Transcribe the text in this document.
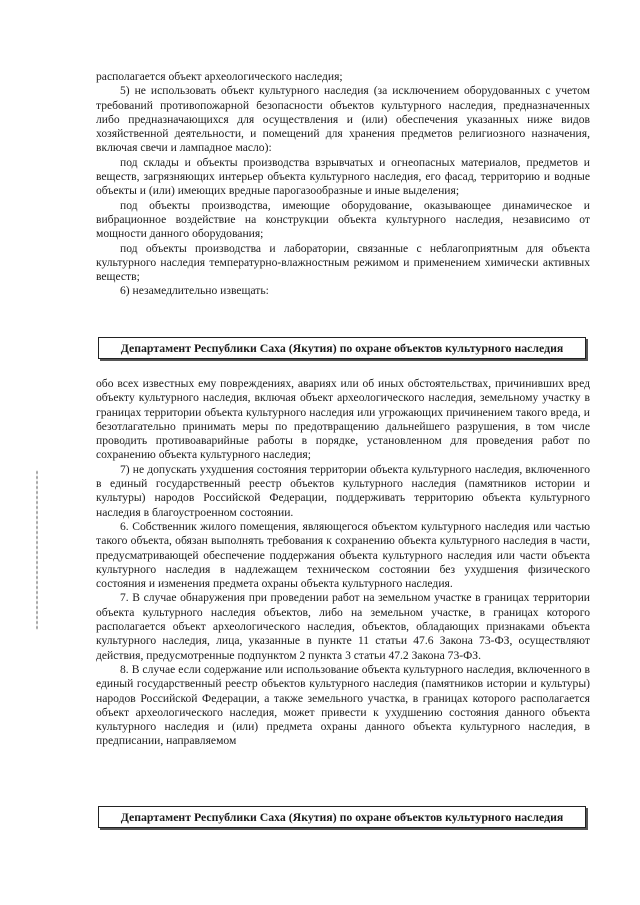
располагается объект археологического наследия;

5) не использовать объект культурного наследия (за исключением оборудованных с учетом требований противопожарной безопасности объектов культурного наследия, предназначенных либо предназначающихся для осуществления и (или) обеспечения указанных ниже видов хозяйственной деятельности, и помещений для хранения предметов религиозного назначения, включая свечи и лампадное масло):

под склады и объекты производства взрывчатых и огнеопасных материалов, предметов и веществ, загрязняющих интерьер объекта культурного наследия, его фасад, территорию и водные объекты и (или) имеющих вредные парогазообразные и иные выделения;

под объекты производства, имеющие оборудование, оказывающее динамическое и вибрационное воздействие на конструкции объекта культурного наследия, независимо от мощности данного оборудования;

под объекты производства и лаборатории, связанные с неблагоприятным для объекта культурного наследия температурно-влажностным режимом и применением химически активных веществ;

6) незамедлительно извещать:

Департамент Республики Саха (Якутия) по охране объектов культурного наследия

обо всех известных ему повреждениях, авариях или об иных обстоятельствах, причинивших вред объекту культурного наследия, включая объект археологического наследия, земельному участку в границах территории объекта культурного наследия или угрожающих причинением такого вреда, и безотлагательно принимать меры по предотвращению дальнейшего разрушения, в том числе проводить противоаварийные работы в порядке, установленном для проведения работ по сохранению объекта культурного наследия;

7) не допускать ухудшения состояния территории объекта культурного наследия, включенного в единый государственный реестр объектов культурного наследия (памятников истории и культуры) народов Российской Федерации, поддерживать территорию объекта культурного наследия в благоустроенном состоянии.

6. Собственник жилого помещения, являющегося объектом культурного наследия или частью такого объекта, обязан выполнять требования к сохранению объекта культурного наследия в части, предусматривающей обеспечение поддержания объекта культурного наследия или части объекта культурного наследия в надлежащем техническом состоянии без ухудшения физического состояния и изменения предмета охраны объекта культурного наследия.

7. В случае обнаружения при проведении работ на земельном участке в границах территории объекта культурного наследия объектов, либо на земельном участке, в границах которого располагается объект археологического наследия, объектов, обладающих признаками объекта культурного наследия, лица, указанные в пункте 11 статьи 47.6 Закона 73-ФЗ, осуществляют действия, предусмотренные подпунктом 2 пункта 3 статьи 47.2 Закона 73-ФЗ.

8. В случае если содержание или использование объекта культурного наследия, включенного в единый государственный реестр объектов культурного наследия (памятников истории и культуры) народов Российской Федерации, а также земельного участка, в границах которого располагается объект археологического наследия, может привести к ухудшению состояния данного объекта культурного наследия и (или) предмета охраны данного объекта культурного наследия, в предписании, направляемом

Департамент Республики Саха (Якутия) по охране объектов культурного наследия
